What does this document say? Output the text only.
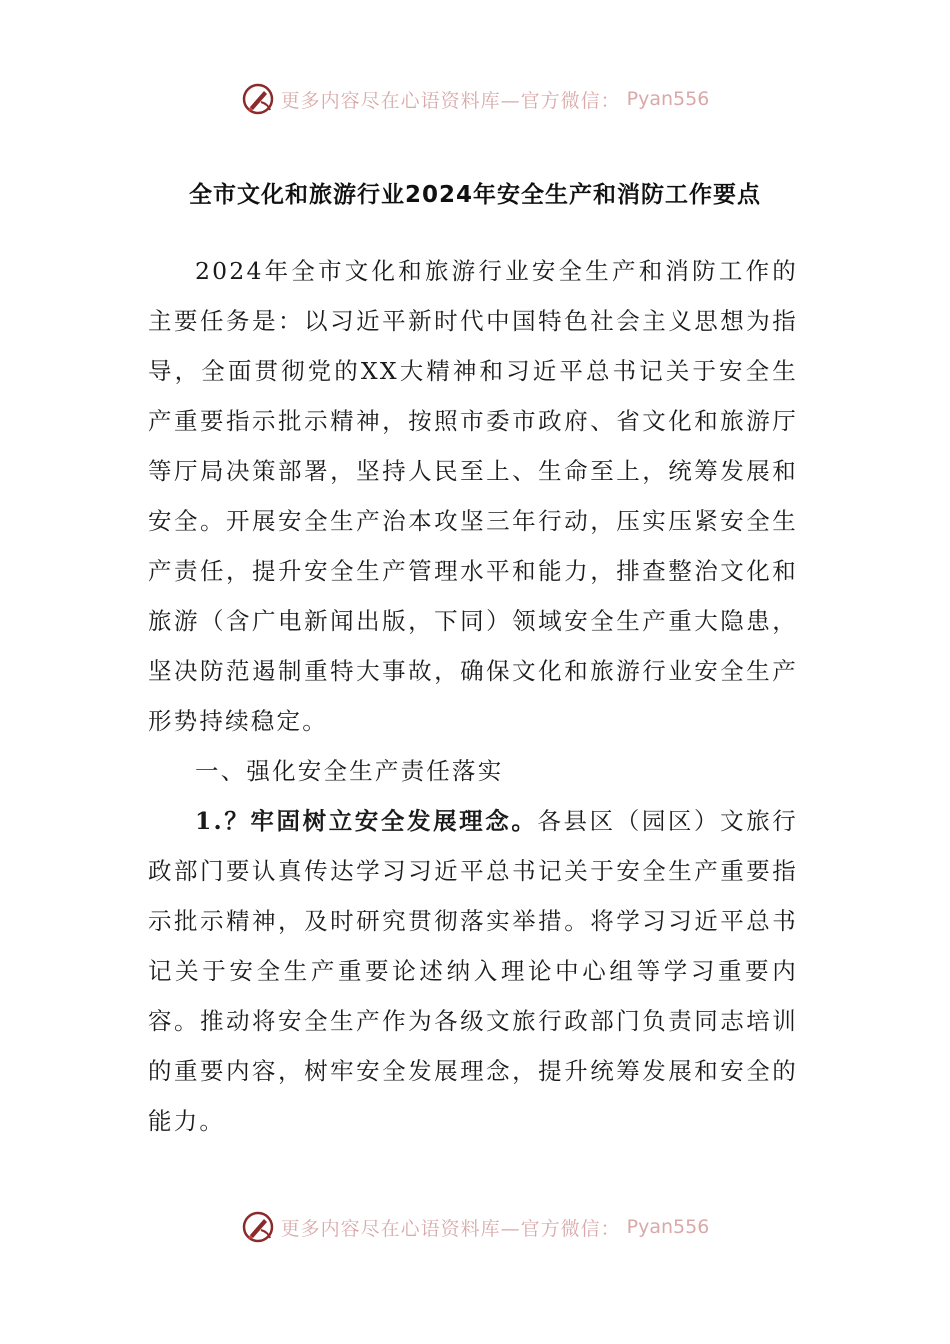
更多内容尽在心语资料库—官方微信： Pyan556
全市文化和旅游行业2024年安全生产和消防工作要点

2024年全市文化和旅游行业安全生产和消防工作的主要任务是：以习近平新时代中国特色社会主义思想为指导，全面贯彻党的XX大精神和习近平总书记关于安全生产重要指示批示精神，按照市委市政府、省文化和旅游厅等厅局决策部署，坚持人民至上、生命至上，统筹发展和安全。开展安全生产治本攻坚三年行动，压实压紧安全生产责任，提升安全生产管理水平和能力，排查整治文化和旅游（含广电新闻出版，下同）领域安全生产重大隐患，坚决防范遏制重特大事故，确保文化和旅游行业安全生产形势持续稳定。

一、强化安全生产责任落实

1.？牢固树立安全发展理念。各县区（园区）文旅行政部门要认真传达学习习近平总书记关于安全生产重要指示批示精神，及时研究贯彻落实举措。将学习习近平总书记关于安全生产重要论述纳入理论中心组等学习重要内容。推动将安全生产作为各级文旅行政部门负责同志培训的重要内容，树牢安全发展理念，提升统筹发展和安全的能力。

更多内容尽在心语资料库—官方微信： Pyan556
